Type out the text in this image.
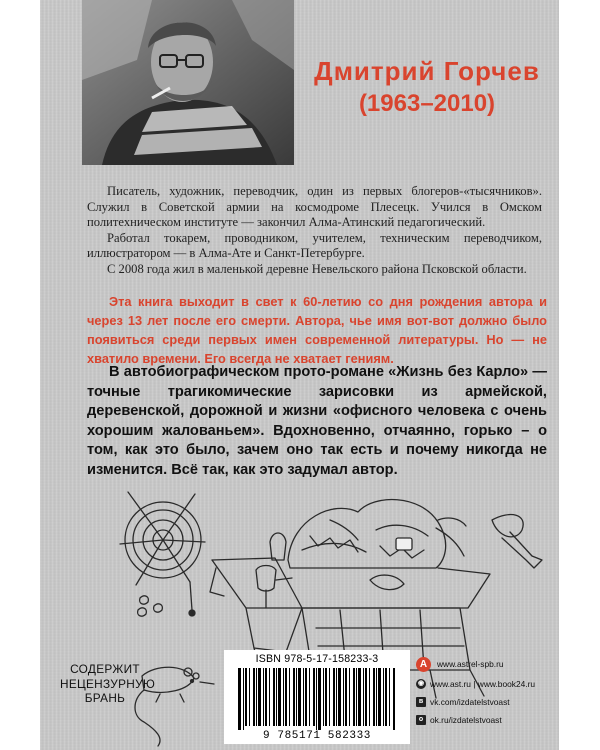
Дмитрий Горчев
(1963–2010)

Писатель, художник, переводчик, один из первых блогеров-«тысячников». Служил в Советской армии на космодроме Плесецк. Учился в Омском политехническом институте — закончил Алма-Атинский педагогический.

Работал токарем, проводником, учителем, техническим переводчиком, иллюстратором — в Алма-Ате и Санкт-Петербурге.

С 2008 года жил в маленькой деревне Невельского района Псковской области.

Эта книга выходит в свет к 60-летию со дня рождения автора и через 13 лет после его смерти. Автора, чье имя вот-вот должно было появиться среди первых имен современной литературы. Но — не хватило времени. Его всегда не хватает гениям.

В автобиографическом прото-романе «Жизнь без Карло» — точные трагикомические зарисовки из армейской, деревенской, дорожной и жизни «офисного человека с очень хорошим жалованьем». Вдохновенно, отчаянно, горько – о том, как это было, зачем оно так есть и почему никогда не изменится. Всё так, как это задумал автор.

СОДЕРЖИТ
НЕЦЕНЗУРНУЮ
БРАНЬ
ISBN 978-5-17-158233-3
9 785171 582333
А	www.astrel-spb.ru
◉ www.ast.ru | www.book24.ru
в vk.com/izdatelstvoast
о ok.ru/izdatelstvoast
